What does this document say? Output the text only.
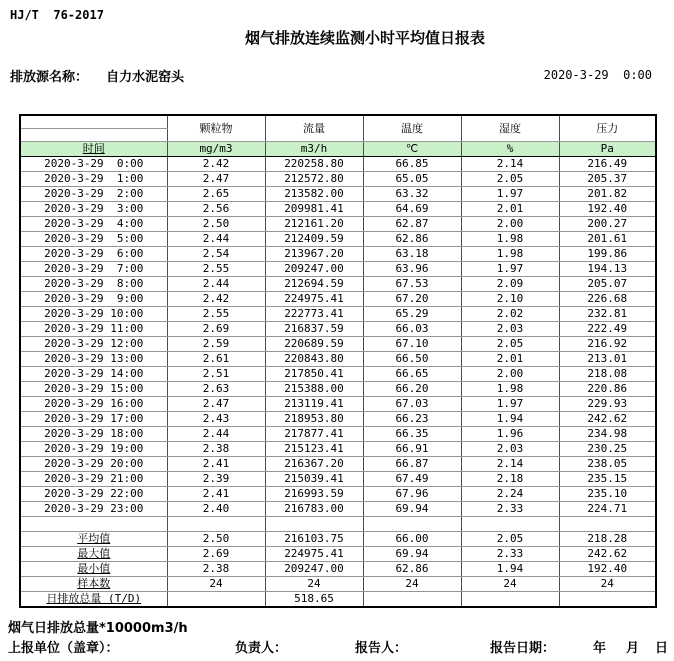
HJ/T  76-2017
烟气排放连续监测小时平均值日报表
排放源名称：    自力水泥窑头	2020-3-29  0:00
	颗粒物	流量	温度	湿度	压力

时间	mg/m3	m3/h	℃	%	Pa
2020-3-29  0:00	2.42	220258.80	66.85	2.14	216.49
2020-3-29  1:00	2.47	212572.80	65.05	2.05	205.37
2020-3-29  2:00	2.65	213582.00	63.32	1.97	201.82
2020-3-29  3:00	2.56	209981.41	64.69	2.01	192.40
2020-3-29  4:00	2.50	212161.20	62.87	2.00	200.27
2020-3-29  5:00	2.44	212409.59	62.86	1.98	201.61
2020-3-29  6:00	2.54	213967.20	63.18	1.98	199.86
2020-3-29  7:00	2.55	209247.00	63.96	1.97	194.13
2020-3-29  8:00	2.44	212694.59	67.53	2.09	205.07
2020-3-29  9:00	2.42	224975.41	67.20	2.10	226.68
2020-3-29 10:00	2.55	222773.41	65.29	2.02	232.81
2020-3-29 11:00	2.69	216837.59	66.03	2.03	222.49
2020-3-29 12:00	2.59	220689.59	67.10	2.05	216.92
2020-3-29 13:00	2.61	220843.80	66.50	2.01	213.01
2020-3-29 14:00	2.51	217850.41	66.65	2.00	218.08
2020-3-29 15:00	2.63	215388.00	66.20	1.98	220.86
2020-3-29 16:00	2.47	213119.41	67.03	1.97	229.93
2020-3-29 17:00	2.43	218953.80	66.23	1.94	242.62
2020-3-29 18:00	2.44	217877.41	66.35	1.96	234.98
2020-3-29 19:00	2.38	215123.41	66.91	2.03	230.25
2020-3-29 20:00	2.41	216367.20	66.87	2.14	238.05
2020-3-29 21:00	2.39	215039.41	67.49	2.18	235.15
2020-3-29 22:00	2.41	216993.59	67.96	2.24	235.10
2020-3-29 23:00	2.40	216783.00	69.94	2.33	224.71

平均值	2.50	216103.75	66.00	2.05	218.28
最大值	2.69	224975.41	69.94	2.33	242.62
最小值	2.38	209247.00	62.86	1.94	192.40
样本数	24	24	24	24	24
日排放总量 (T/D)		518.65			
烟气日排放总量*10000m3/h
上报单位（盖章）：	负责人：	报告人：	报告日期：	年 月 日
